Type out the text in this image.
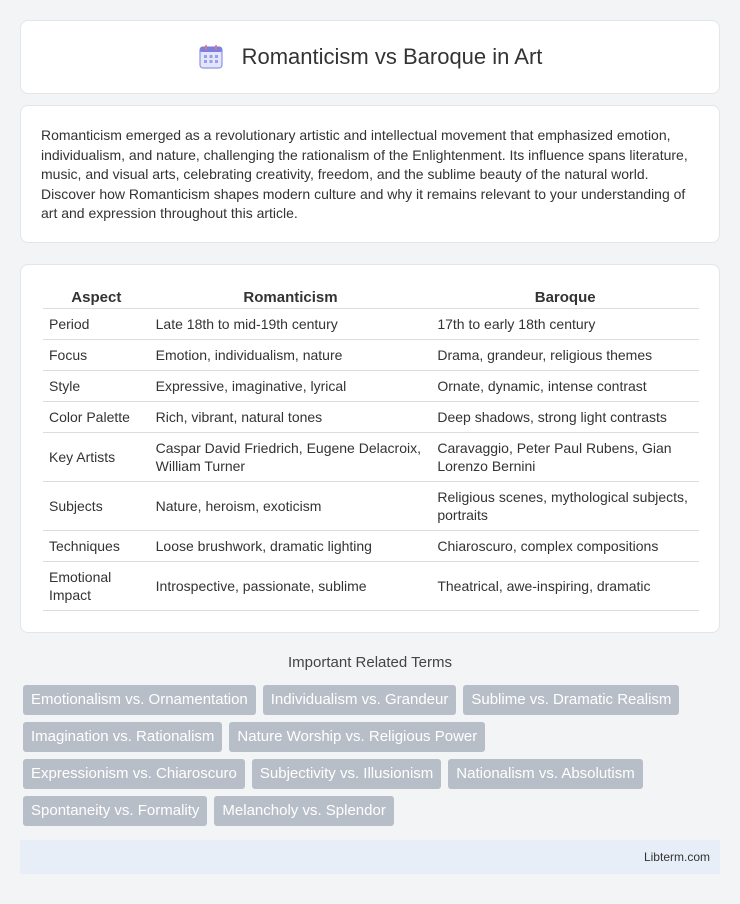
Romanticism vs Baroque in Art

Romanticism emerged as a revolutionary artistic and intellectual movement that emphasized emotion, individualism, and nature, challenging the rationalism of the Enlightenment. Its influence spans literature, music, and visual arts, celebrating creativity, freedom, and the sublime beauty of the natural world. Discover how Romanticism shapes modern culture and why it remains relevant to your understanding of art and expression throughout this article.

Aspect	Romanticism	Baroque
Period	Late 18th to mid-19th century	17th to early 18th century
Focus	Emotion, individualism, nature	Drama, grandeur, religious themes
Style	Expressive, imaginative, lyrical	Ornate, dynamic, intense contrast
Color Palette	Rich, vibrant, natural tones	Deep shadows, strong light contrasts
Key Artists	Caspar David Friedrich, Eugene Delacroix, William Turner	Caravaggio, Peter Paul Rubens, Gian Lorenzo Bernini
Subjects	Nature, heroism, exoticism	Religious scenes, mythological subjects, portraits
Techniques	Loose brushwork, dramatic lighting	Chiaroscuro, complex compositions
Emotional Impact	Introspective, passionate, sublime	Theatrical, awe-inspiring, dramatic
Important Related Terms
Emotionalism vs. Ornamentation	Individualism vs. Grandeur	Sublime vs. Dramatic Realism
Imagination vs. Rationalism	Nature Worship vs. Religious Power
Expressionism vs. Chiaroscuro	Subjectivity vs. Illusionism	Nationalism vs. Absolutism
Spontaneity vs. Formality	Melancholy vs. Splendor
Libterm.com
